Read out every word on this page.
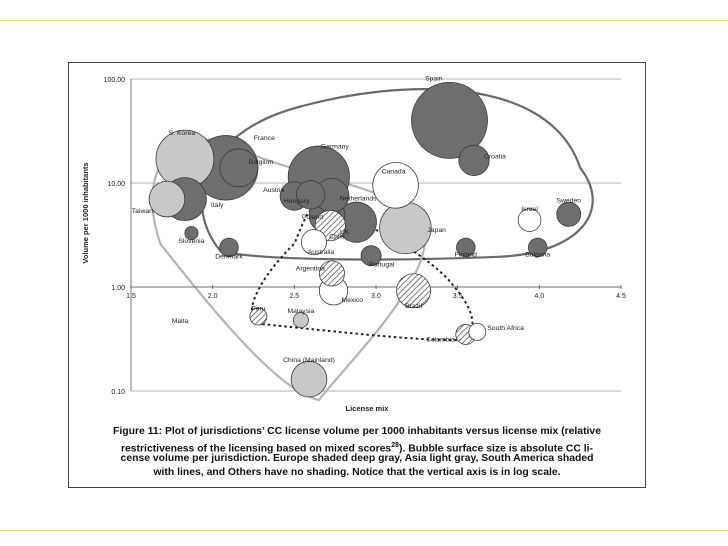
0.10
1.00
10.00
100.00
1.5	2.0	2.5	3.0	3.5	4.0	4.5
Spain
France
Germany
S. Korea
Japan
Canada
Italy
UK
Belgium
Poland
Taiwan
China (Mainland)
Netherlands
Brazil
Croatia
Chile
Austria
Hungary
Mexico
Australia
Argentina
Sweden
Israel
Portugal
Colombia
Denmark	Finland	Bulgaria
Peru
South Africa
Malaysia
Slovenia
Malta
Volume per 1000 inhabitants
License mix
Figure 11: Plot of jurisdictions’ CC license volume per 1000 inhabitants versus license mix (relative
restrictiveness of the licensing based on mixed scores$^{28}$). Bubble surface size is absolute CC li-
cense volume per jurisdiction. Europe shaded deep gray, Asia light gray, South America shaded
with lines, and Others have no shading. Notice that the vertical axis is in log scale.
